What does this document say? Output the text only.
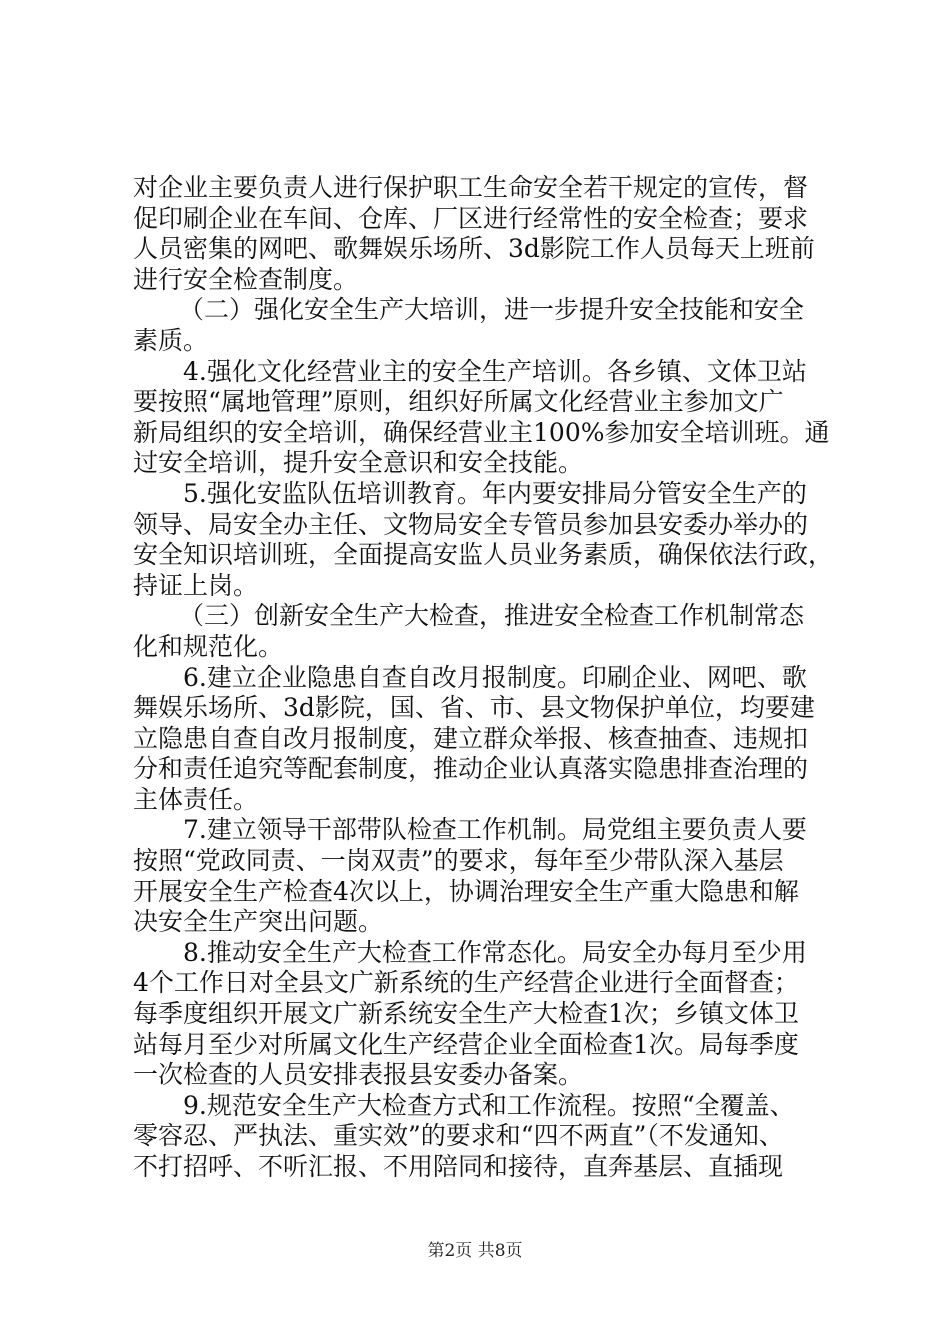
对企业主要负责人进行保护职工生命安全若干规定的宣传，督
促印刷企业在车间、仓库、厂区进行经常性的安全检查；要求
人员密集的网吧、歌舞娱乐场所、3d影院工作人员每天上班前
进行安全检查制度。
（二）强化安全生产大培训，进一步提升安全技能和安全
素质。
4.强化文化经营业主的安全生产培训。各乡镇、文体卫站
要按照“属地管理”原则，组织好所属文化经营业主参加文广
新局组织的安全培训，确保经营业主100%参加安全培训班。通
过安全培训，提升安全意识和安全技能。
5.强化安监队伍培训教育。年内要安排局分管安全生产的
领导、局安全办主任、文物局安全专管员参加县安委办举办的
安全知识培训班，全面提高安监人员业务素质，确保依法行政，
持证上岗。
（三）创新安全生产大检查，推进安全检查工作机制常态
化和规范化。
6.建立企业隐患自查自改月报制度。印刷企业、网吧、歌
舞娱乐场所、3d影院，国、省、市、县文物保护单位，均要建
立隐患自查自改月报制度，建立群众举报、核查抽查、违规扣
分和责任追究等配套制度，推动企业认真落实隐患排查治理的
主体责任。
7.建立领导干部带队检查工作机制。局党组主要负责人要
按照“党政同责、一岗双责”的要求，每年至少带队深入基层
开展安全生产检查4次以上，协调治理安全生产重大隐患和解
决安全生产突出问题。
8.推动安全生产大检查工作常态化。局安全办每月至少用
4个工作日对全县文广新系统的生产经营企业进行全面督查；
每季度组织开展文广新系统安全生产大检查1次；乡镇文体卫
站每月至少对所属文化生产经营企业全面检查1次。局每季度
一次检查的人员安排表报县安委办备案。
9.规范安全生产大检查方式和工作流程。按照“全覆盖、
零容忍、严执法、重实效”的要求和“四不两直”（不发通知、
不打招呼、不听汇报、不用陪同和接待，直奔基层、直插现
第2页 共8页
